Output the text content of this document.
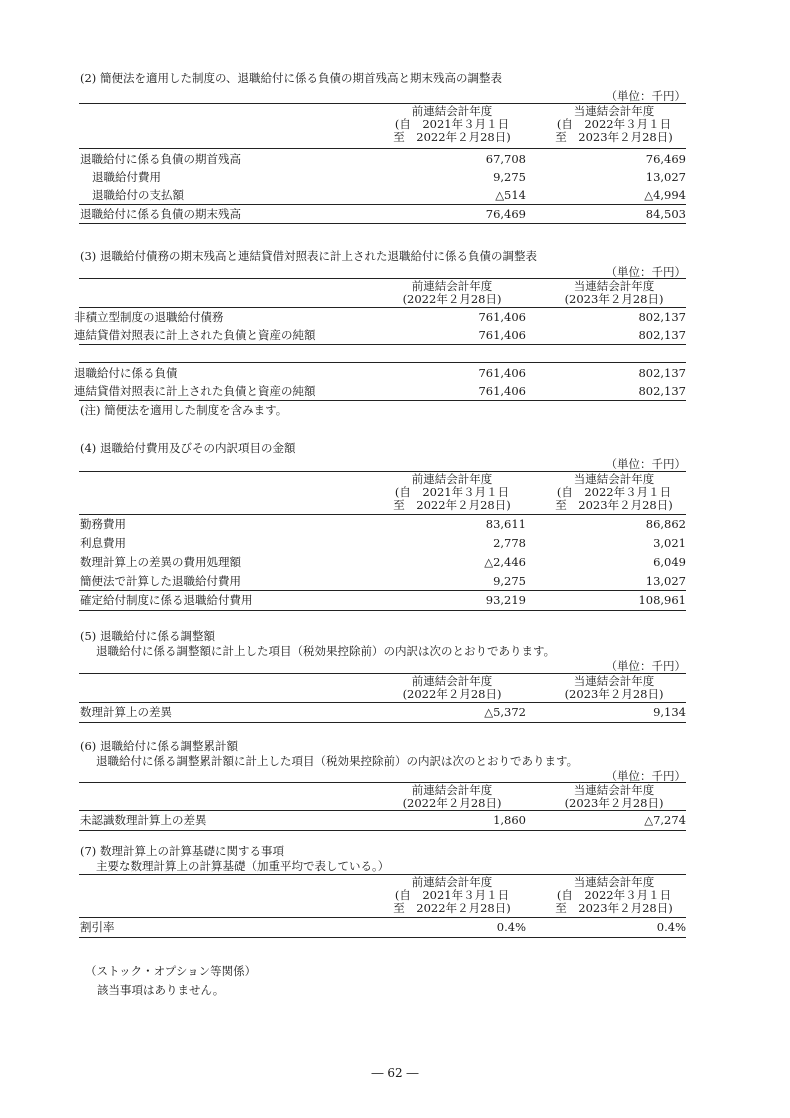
(2) 簡便法を適用した制度の、退職給付に係る負債の期首残高と期末残高の調整表
（単位：千円）
前連結会計年度
(自　2021年３月１日
至　2022年２月28日)
当連結会計年度
(自　2022年３月１日
至　2023年２月28日)
退職給付に係る負債の期首残高	67,708	76,469
退職給付費用	9,275	13,027
退職給付の支払額	△514	△4,994
退職給付に係る負債の期末残高	76,469	84,503
(3) 退職給付債務の期末残高と連結貸借対照表に計上された退職給付に係る負債の調整表
（単位：千円）
前連結会計年度
(2022年２月28日)
当連結会計年度
(2023年２月28日)
非積立型制度の退職給付債務	761,406	802,137
連結貸借対照表に計上された負債と資産の純額	761,406	802,137
退職給付に係る負債	761,406	802,137
連結貸借対照表に計上された負債と資産の純額	761,406	802,137
(注) 簡便法を適用した制度を含みます。
(4) 退職給付費用及びその内訳項目の金額
（単位：千円）
前連結会計年度
(自　2021年３月１日
至　2022年２月28日)
当連結会計年度
(自　2022年３月１日
至　2023年２月28日)
勤務費用	83,611	86,862
利息費用	2,778	3,021
数理計算上の差異の費用処理額	△2,446	6,049
簡便法で計算した退職給付費用	9,275	13,027
確定給付制度に係る退職給付費用	93,219	108,961
(5) 退職給付に係る調整額
退職給付に係る調整額に計上した項目（税効果控除前）の内訳は次のとおりであります。
（単位：千円）
前連結会計年度
(2022年２月28日)
当連結会計年度
(2023年２月28日)
数理計算上の差異	△5,372	9,134
(6) 退職給付に係る調整累計額
退職給付に係る調整累計額に計上した項目（税効果控除前）の内訳は次のとおりであります。
（単位：千円）
前連結会計年度
(2022年２月28日)
当連結会計年度
(2023年２月28日)
未認識数理計算上の差異	1,860	△7,274
(7) 数理計算上の計算基礎に関する事項
主要な数理計算上の計算基礎（加重平均で表している。）
前連結会計年度
(自　2021年３月１日
至　2022年２月28日)
当連結会計年度
(自　2022年３月１日
至　2023年２月28日)
割引率	0.4%	0.4%
（ストック・オプション等関係）
該当事項はありません。
― 62 ―
